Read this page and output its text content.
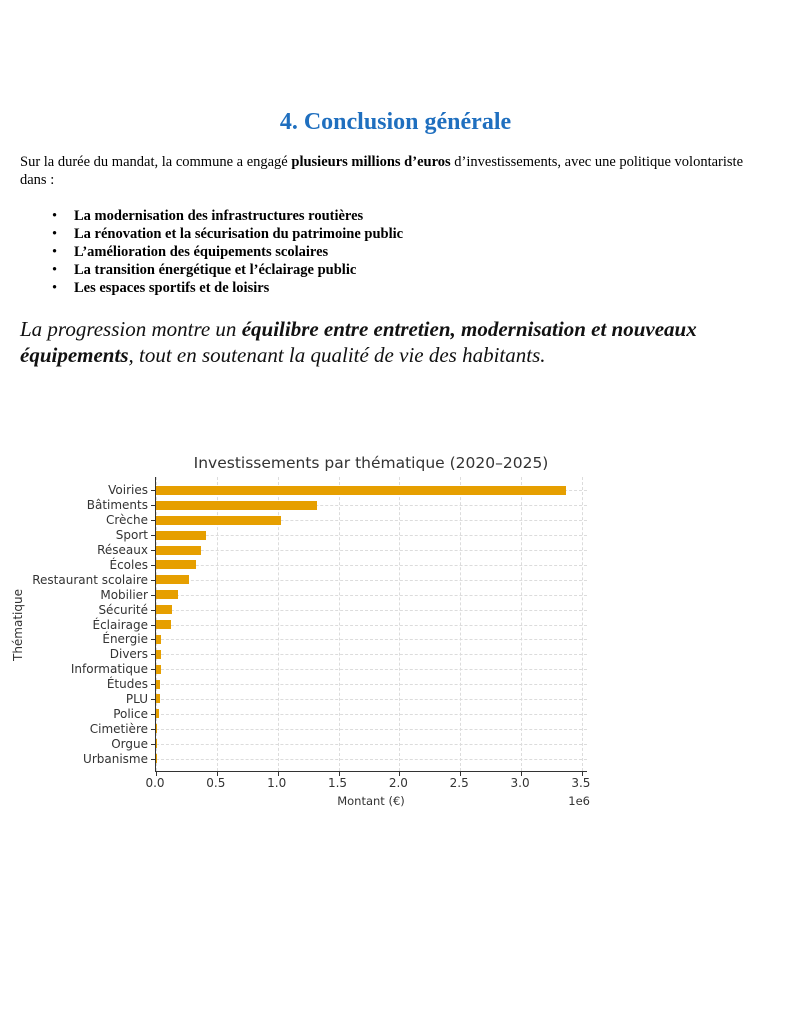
4. Conclusion générale
Sur la durée du mandat, la commune a engagé plusieurs millions d’euros d’investissements, avec une politique volontariste dans :
• La modernisation des infrastructures routières
• La rénovation et la sécurisation du patrimoine public
• L’amélioration des équipements scolaires
• La transition énergétique et l’éclairage public
• Les espaces sportifs et de loisirs
La progression montre un équilibre entre entretien, modernisation et nouveaux équipements, tout en soutenant la qualité de vie des habitants.
Investissements par thématique (2020–2025)
Thématique
Voiries
Bâtiments
Crèche
Sport
Réseaux
Écoles
Restaurant scolaire
Mobilier
Sécurité
Éclairage
Énergie
Divers
Informatique
Études
PLU
Police
Cimetière
Orgue
Urbanisme
0.0	0.5	1.0	1.5	2.0	2.5	3.0	3.5
Montant (€)	1e6
